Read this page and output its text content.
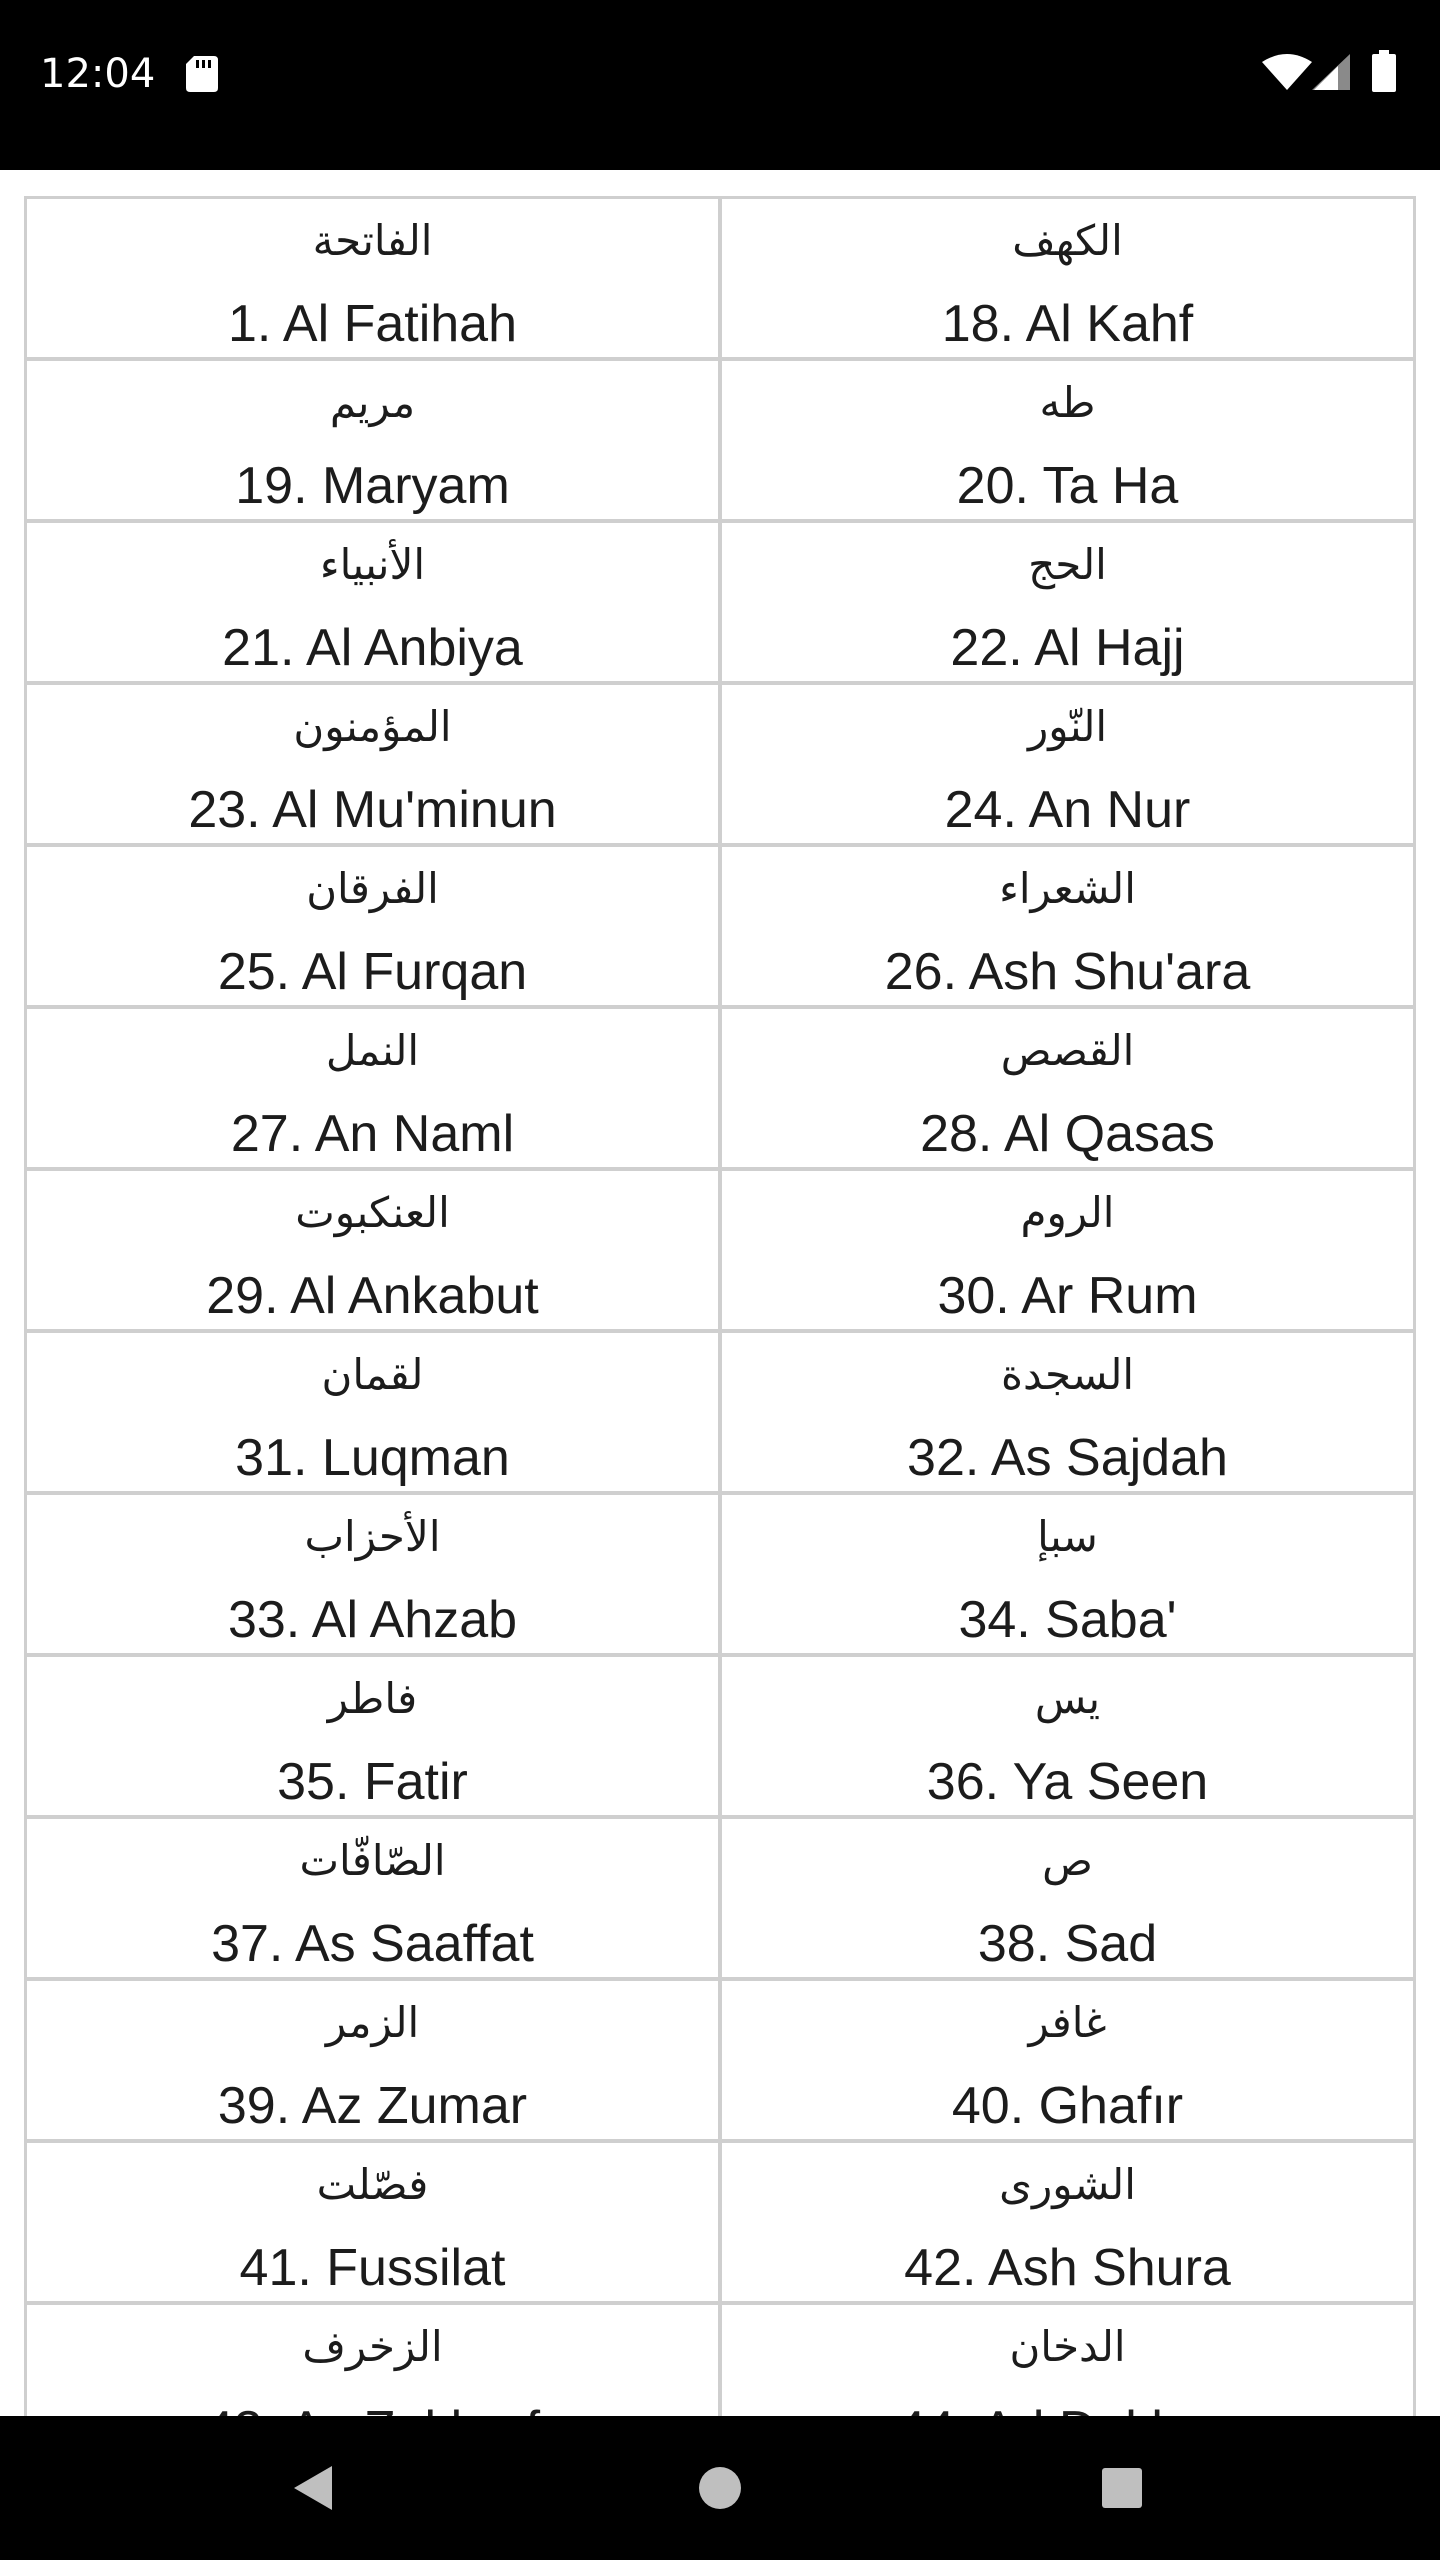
12:04
الفاتحة
1. Al Fatihah
الكهف
18. Al Kahf
مريم
19. Maryam
طه
20. Ta Ha
الأنبياء
21. Al Anbiya
الحج
22. Al Hajj
المؤمنون
23. Al Mu'minun
النّور
24. An Nur
الفرقان
25. Al Furqan
الشعراء
26. Ash Shu'ara
النمل
27. An Naml
القصص
28. Al Qasas
العنكبوت
29. Al Ankabut
الروم
30. Ar Rum
لقمان
31. Luqman
السجدة
32. As Sajdah
الأحزاب
33. Al Ahzab
سبإ
34. Saba'
فاطر
35. Fatir
يس
36. Ya Seen
الصّافّات
37. As Saaffat
ص
38. Sad
الزمر
39. Az Zumar
غافر
40. Ghafır
فصّلت
41. Fussilat
الشورى
42. Ash Shura
الزخرف	الدخان
